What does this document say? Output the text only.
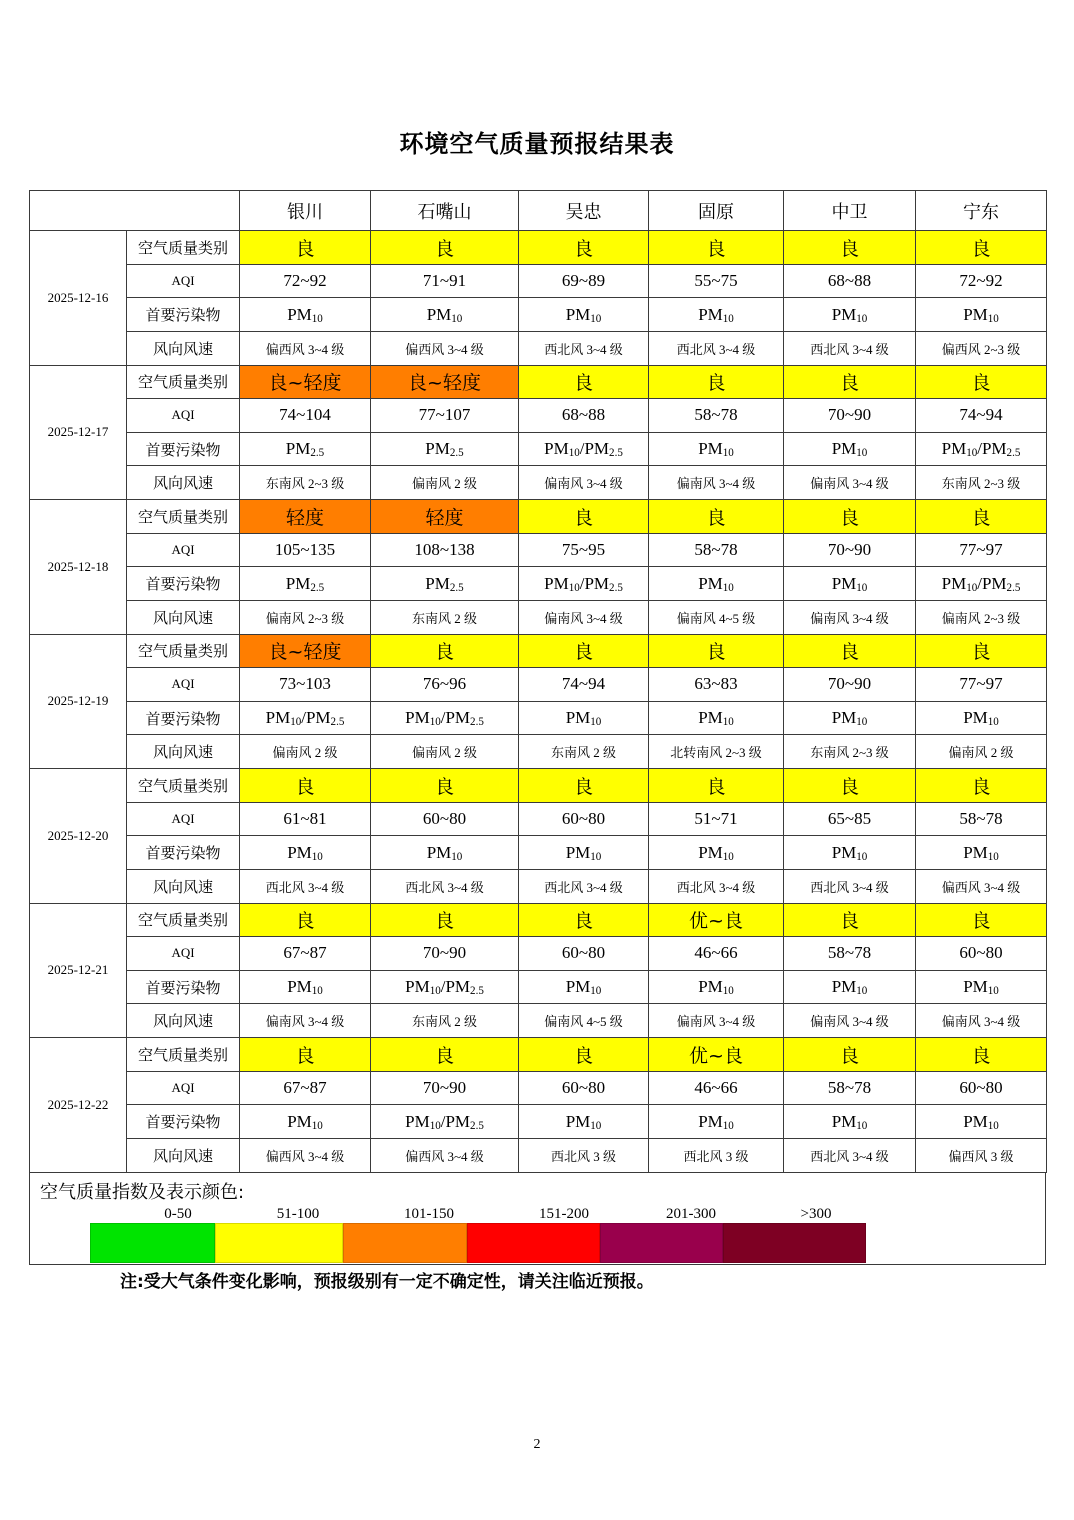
环境空气质量预报结果表
		银川	石嘴山	吴忠	固原	中卫	宁东
2025-12-16	空气质量类别	良	良	良	良	良	良
	AQI	72~92	71~91	69~89	55~75	68~88	72~92
	首要污染物	$PM_{10}$	$PM_{10}$	$PM_{10}$	$PM_{10}$	$PM_{10}$	$PM_{10}$
	风向风速	偏西风 3~4 级	偏西风 3~4 级	西北风 3~4 级	西北风 3~4 级	西北风 3~4 级	偏西风 2~3 级
2025-12-17	空气质量类别	良~轻度	良~轻度	良	良	良	良
	AQI	74~104	77~107	68~88	58~78	70~90	74~94
	首要污染物	$PM_{2.5}$	$PM_{2.5}$	$PM_{10}/PM_{2.5}$	$PM_{10}$	$PM_{10}$	$PM_{10}/PM_{2.5}$
	风向风速	东南风 2~3 级	偏南风 2 级	偏南风 3~4 级	偏南风 3~4 级	偏南风 3~4 级	东南风 2~3 级
2025-12-18	空气质量类别	轻度	轻度	良	良	良	良
	AQI	105~135	108~138	75~95	58~78	70~90	77~97
	首要污染物	$PM_{2.5}$	$PM_{2.5}$	$PM_{10}/PM_{2.5}$	$PM_{10}$	$PM_{10}$	$PM_{10}/PM_{2.5}$
	风向风速	偏南风 2~3 级	东南风 2 级	偏南风 3~4 级	偏南风 4~5 级	偏南风 3~4 级	偏南风 2~3 级
2025-12-19	空气质量类别	良~轻度	良	良	良	良	良
	AQI	73~103	76~96	74~94	63~83	70~90	77~97
	首要污染物	$PM_{10}/PM_{2.5}$	$PM_{10}/PM_{2.5}$	$PM_{10}$	$PM_{10}$	$PM_{10}$	$PM_{10}$
	风向风速	偏南风 2 级	偏南风 2 级	东南风 2 级	北转南风 2~3 级	东南风 2~3 级	偏南风 2 级
2025-12-20	空气质量类别	良	良	良	良	良	良
	AQI	61~81	60~80	60~80	51~71	65~85	58~78
	首要污染物	$PM_{10}$	$PM_{10}$	$PM_{10}$	$PM_{10}$	$PM_{10}$	$PM_{10}$
	风向风速	西北风 3~4 级	西北风 3~4 级	西北风 3~4 级	西北风 3~4 级	西北风 3~4 级	偏西风 3~4 级
2025-12-21	空气质量类别	良	良	良	优~良	良	良
	AQI	67~87	70~90	60~80	46~66	58~78	60~80
	首要污染物	$PM_{10}$	$PM_{10}/PM_{2.5}$	$PM_{10}$	$PM_{10}$	$PM_{10}$	$PM_{10}$
	风向风速	偏南风 3~4 级	东南风 2 级	偏南风 4~5 级	偏南风 3~4 级	偏南风 3~4 级	偏南风 3~4 级
2025-12-22	空气质量类别	良	良	良	优~良	良	良
	AQI	67~87	70~90	60~80	46~66	58~78	60~80
	首要污染物	$PM_{10}$	$PM_{10}/PM_{2.5}$	$PM_{10}$	$PM_{10}$	$PM_{10}$	$PM_{10}$
	风向风速	偏西风 3~4 级	偏西风 3~4 级	西北风 3 级	西北风 3 级	西北风 3~4 级	偏西风 3 级
空气质量指数及表示颜色:
0-50	51-100	101-150	151-200	201-300	>300
注:受大气条件变化影响，预报级别有一定不确定性，请关注临近预报。
2
